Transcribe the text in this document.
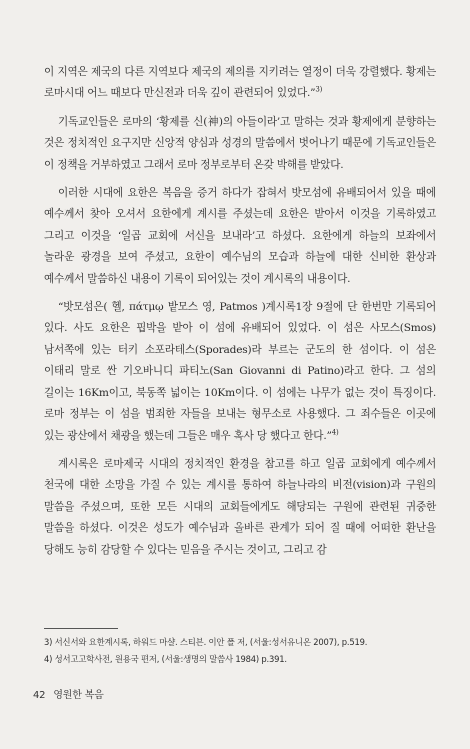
이 지역은 제국의 다른 지역보다 제국의 제의를 지키려는 열정이 더욱 강렬했다. 황제는 로마시대 어느 때보다 만신전과 더욱 깊이 관련되어 있었다.”$^{3)}$

기독교인들은 로마의 ‘황제를 신(神)의 아들이라’고 말하는 것과 황제에게 분향하는 것은 정치적인 요구지만 신앙적 양심과 성경의 말씀에서 벗어나기 때문에 기독교인들은 이 정책을 거부하였고 그래서 로마 정부로부터 온갖 박해를 받았다.

이러한 시대에 요한은 복음을 증거 하다가 잡혀서 밧모섬에 유배되어서 있을 때에 예수께서 찾아 오셔서 요한에게 계시를 주셨는데 요한은 받아서 이것을 기록하였고 그리고 이것을 ‘일곱 교회에 서신을 보내라’고 하셨다. 요한에게 하늘의 보좌에서 놀라운 광경을 보여 주셨고, 요한이 예수님의 모습과 하늘에 대한 신비한 환상과 예수께서 말씀하신 내용이 기록이 되어있는 것이 계시록의 내용이다.

“밧모섬은( 헬, πάτμῳ 밭모스 영, Patmos )계시록1장 9절에 단 한번만 기록되어 있다. 사도 요한은 핍박을 받아 이 섬에 유배되어 있었다. 이 섬은 사모스(Smos) 남서쪽에 있는 터키 소포라테스(Sporades)라 부르는 군도의 한 섬이다. 이 섬은 이태리 말로 싼 기오바니디 파티노(San Giovanni di Patino)라고 한다. 그 섬의 길이는 16Km이고, 북동쪽 넓이는 10Km이다. 이 섬에는 나무가 없는 것이 특징이다. 로마 정부는 이 섬을 범죄한 자들을 보내는 형무소로 사용했다. 그 죄수들은 이곳에 있는 광산에서 채광을 했는데 그들은 매우 혹사 당 했다고 한다.”$^{4)}$

계시록은 로마제국 시대의 정치적인 환경을 참고를 하고 일곱 교회에게 예수께서 천국에 대한 소망을 가질 수 있는 계시를 통하여 하늘나라의 비전(vision)과 구원의 말씀을 주셨으며, 또한 모든 시대의 교회들에게도 해당되는 구원에 관련된 귀중한 말씀을 하셨다. 이것은 성도가 예수님과 올바른 관계가 되어 질 때에 어떠한 환난을 당해도 능히 감당할 수 있다는 믿음을 주시는 것이고, 그리고 감

3) 서신서와 요한계시록, 하워드 마샬. 스티븐. 이안 폴 저, (서울:성서유니온 2007), p.519.
4) 성서고고학사전, 원용국 편저, (서울:생명의 말씀사 1984) p.391.
42 영원한 복음
